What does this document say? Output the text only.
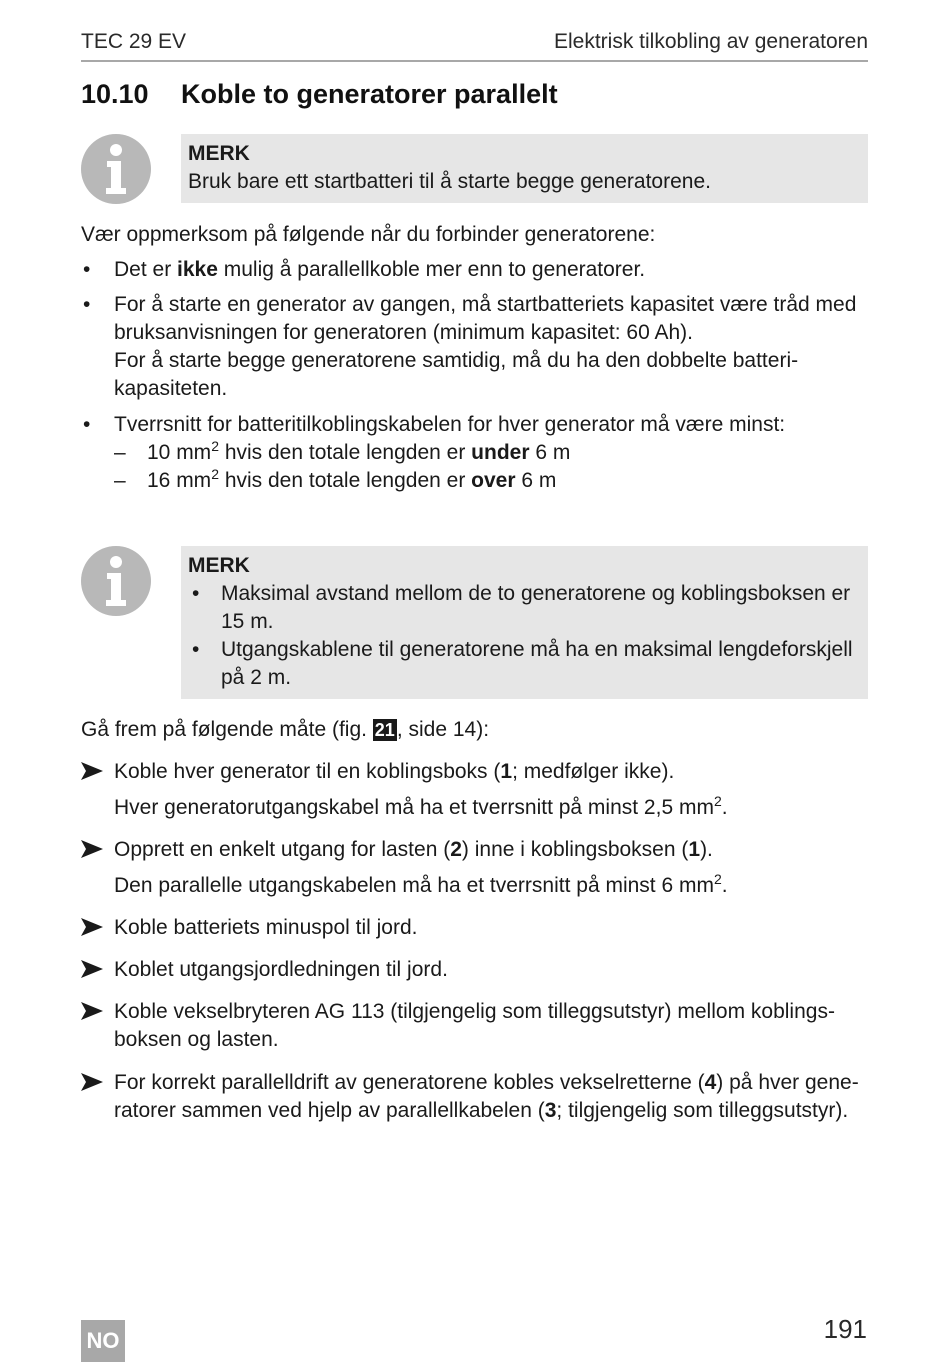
TEC 29 EV	Elektrisk tilkobling av generatoren
10.10 Koble to generatorer parallelt
MERK
Bruk bare ett startbatteri til å starte begge generatorene.
Vær oppmerksom på følgende når du forbinder generatorene:
• Det er ikke mulig å parallellkoble mer enn to generatorer.
• For å starte en generator av gangen, må startbatteriets kapasitet være tråd med bruksanvisningen for generatoren (minimum kapasitet: 60 Ah).
For å starte begge generatorene samtidig, må du ha den dobbelte batteri-kapasiteten.
• Tverrsnitt for batteritilkoblingskabelen for hver generator må være minst:
– 10 $mm^2$ hvis den totale lengden er under 6 m
– 16 $mm^2$ hvis den totale lengden er over 6 m
MERK
• Maksimal avstand mellom de to generatorene og koblingsboksen er 15 m.
• Utgangskablene til generatorene må ha en maksimal lengdeforskjell på 2 m.
Gå frem på følgende måte (fig. 21, side 14):
Koble hver generator til en koblingsboks (1; medfølger ikke).
Hver generatorutgangskabel må ha et tverrsnitt på minst 2,5 $mm^2$.
Opprett en enkelt utgang for lasten (2) inne i koblingsboksen (1).
Den parallelle utgangskabelen må ha et tverrsnitt på minst 6 $mm^2$.
Koble batteriets minuspol til jord.
Koblet utgangsjordledningen til jord.
Koble vekselbryteren AG 113 (tilgjengelig som tilleggsutstyr) mellom koblings-boksen og lasten.
For korrekt parallelldrift av generatorene kobles vekselretterne (4) på hver gene-ratorer sammen ved hjelp av parallellkabelen (3; tilgjengelig som tilleggsutstyr).
NO	191
